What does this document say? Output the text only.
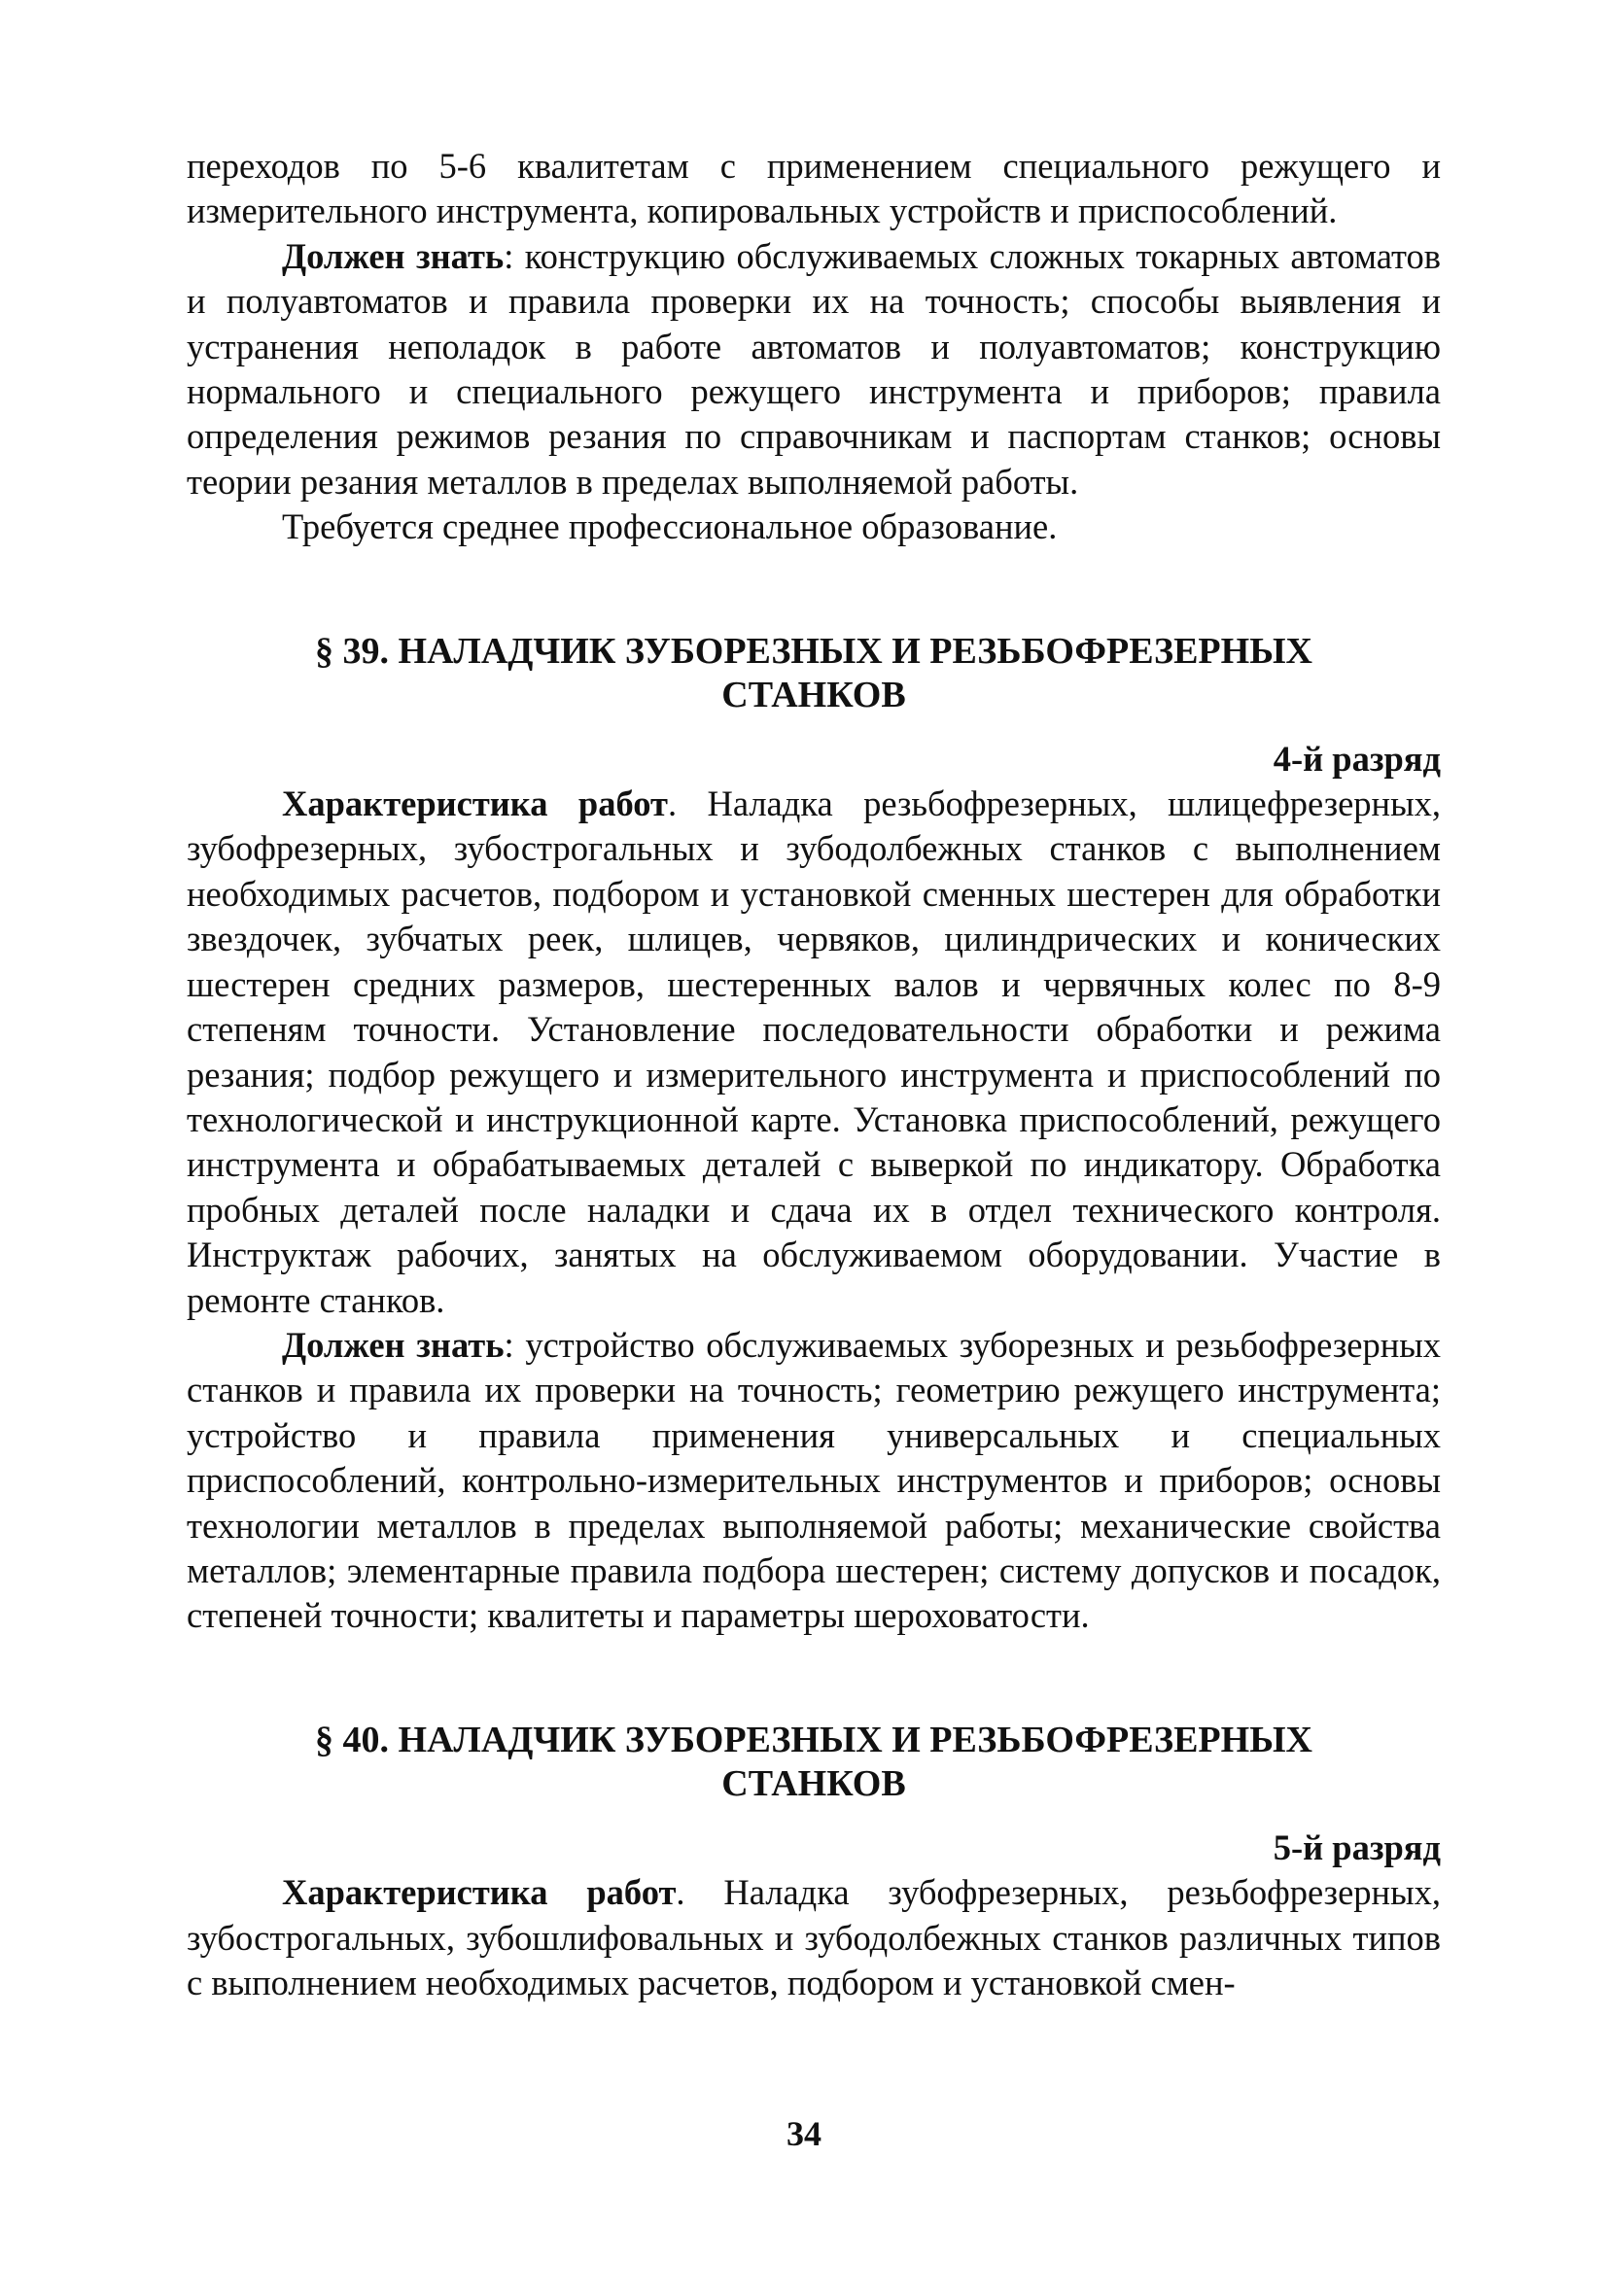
переходов по 5-6 квалитетам с применением специального режущего и измерительного инструмента, копировальных устройств и приспособлений.

Должен знать: конструкцию обслуживаемых сложных токарных автоматов и полуавтоматов и правила проверки их на точность; способы выявления и устранения неполадок в работе автоматов и полуавтоматов; конструкцию нормального и специального режущего инструмента и приборов; правила определения режимов резания по справочникам и паспортам станков; основы теории резания металлов в пределах выполняемой работы.

Требуется среднее профессиональное образование.

§ 39. НАЛАДЧИК ЗУБОРЕЗНЫХ И РЕЗЬБОФРЕЗЕРНЫХ
СТАНКОВ

4-й разряд

Характеристика работ. Наладка резьбофрезерных, шлицефрезерных, зубофрезерных, зубострогальных и зубодолбежных станков с выполнением необходимых расчетов, подбором и установкой сменных шестерен для обработки звездочек, зубчатых реек, шлицев, червяков, цилиндрических и конических шестерен средних размеров, шестеренных валов и червячных колес по 8-9 степеням точности. Установление последовательности обработки и режима резания; подбор режущего и измерительного инструмента и приспособлений по технологической и инструкционной карте. Установка приспособлений, режущего инструмента и обрабатываемых деталей с выверкой по индикатору. Обработка пробных деталей после наладки и сдача их в отдел технического контроля. Инструктаж рабочих, занятых на обслуживаемом оборудовании. Участие в ремонте станков.

Должен знать: устройство обслуживаемых зуборезных и резьбофрезерных станков и правила их проверки на точность; геометрию режущего инструмента; устройство и правила применения универсальных и специальных приспособлений, контрольно-измерительных инструментов и приборов; основы технологии металлов в пределах выполняемой работы; механические свойства металлов; элементарные правила подбора шестерен; систему допусков и посадок, степеней точности; квалитеты и параметры шероховатости.

§ 40. НАЛАДЧИК ЗУБОРЕЗНЫХ И РЕЗЬБОФРЕЗЕРНЫХ
СТАНКОВ

5-й разряд

Характеристика работ. Наладка зубофрезерных, резьбофрезерных, зубострогальных, зубошлифовальных и зубодолбежных станков различных типов с выполнением необходимых расчетов, подбором и установкой смен-

34
